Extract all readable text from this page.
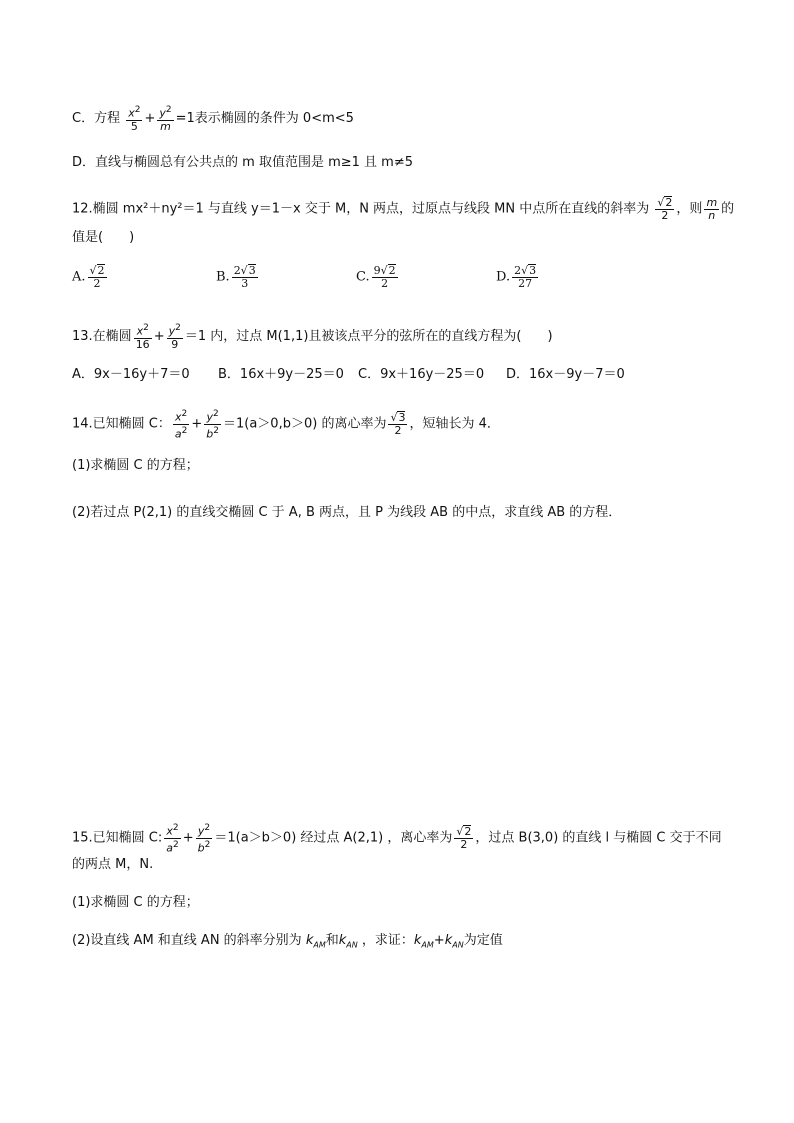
C．方程 $\frac{x^2}{5} + \frac{y^2}{m} =1$表示椭圆的条件为 0<m<5
D．直线与椭圆总有公共点的 m 取值范围是 m≥1 且 m≠5
12.椭圆 mx²＋ny²＝1 与直线 y＝1－x 交于 M，N 两点，过原点与线段 MN 中点所在直线的斜率为 $\frac{√2}{2}$ ，则 $\frac{m}{n}$ 的
值是(　　)
A. $\frac{√2}{2}$	B. $\frac{2√3}{3}$	C. $\frac{9√2}{2}$	D. $\frac{2√3}{27}$
13.在椭圆 $\frac{x^2}{16} + \frac{y^2}{9} =1$ 内，过点 M(1,1)且被该点平分的弦所在的直线方程为(　　)
A．9x－16y＋7＝0 B．16x＋9y－25＝0 C．9x＋16y－25＝0 D．16x－9y－7＝0
14.已知椭圆 C： $\frac{x^2}{a^2} + \frac{y^2}{b^2} =1(a>0,b>0)$ 的离心率为 $\frac{√3}{2}$ ，短轴长为 4．
(1)求椭圆 C 的方程；
(2)若过点 P(2,1) 的直线交椭圆 C 于 A, B 两点，且 P 为线段 AB 的中点，求直线 AB 的方程．
15.已知椭圆 C: $\frac{x^2}{a^2} + \frac{y^2}{b^2} =1(a>b>0)$ 经过点 A(2,1) ，离心率为 $\frac{√2}{2}$ ，过点 B(3,0) 的直线 l 与椭圆 C 交于不同
的两点 M，N.
(1)求椭圆 C 的方程；
(2)设直线 AM 和直线 AN 的斜率分别为 $k_{AM}$和$k_{AN}$ ，求证：$k_{AM}+k_{AN}$为定值
